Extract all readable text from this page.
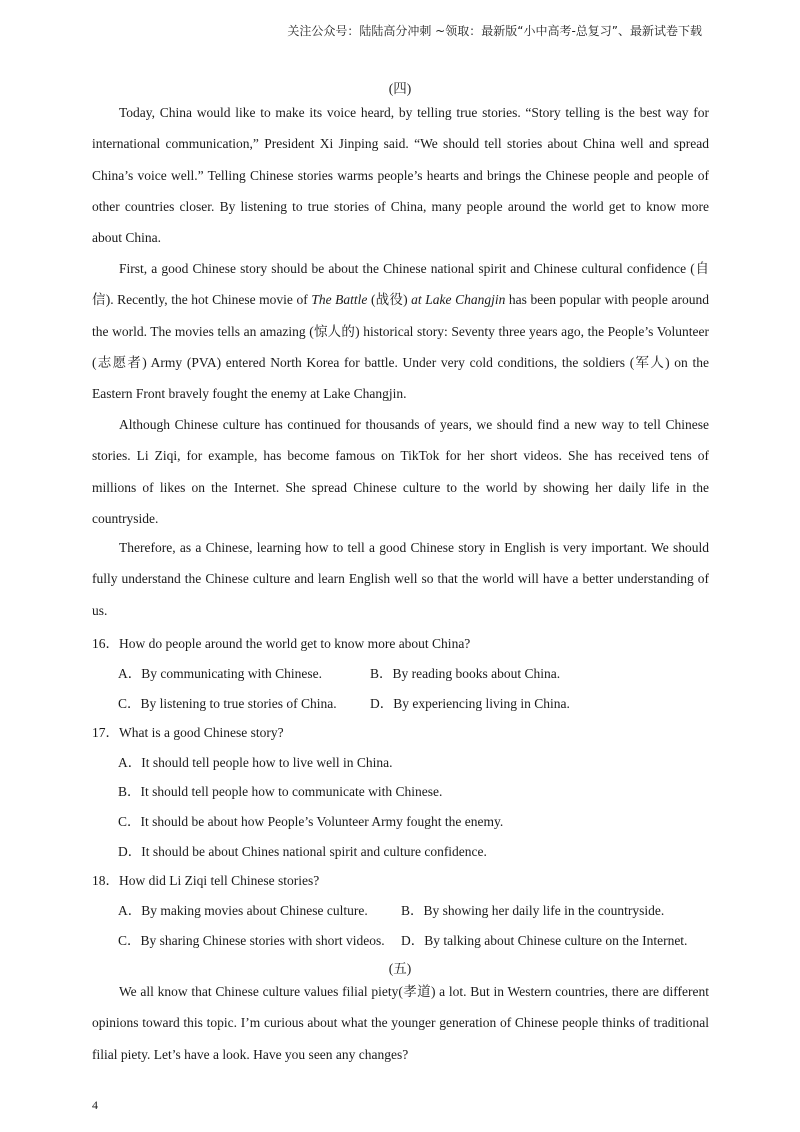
关注公众号：陆陆高分冲刺 ~领取：最新版“小中高考-总复习”、最新试卷下载
(四)

Today, China would like to make its voice heard, by telling true stories. “Story telling is the best way for international communication,” President Xi Jinping said. “We should tell stories about China well and spread China’s voice well.” Telling Chinese stories warms people’s hearts and brings the Chinese people and people of other countries closer. By listening to true stories of China, many people around the world get to know more about China.

First, a good Chinese story should be about the Chinese national spirit and Chinese cultural confidence (自信). Recently, the hot Chinese movie of The Battle (战役) at Lake Changjin has been popular with people around the world. The movies tells an amazing (惊人的) historical story: Seventy three years ago, the People’s Volunteer (志愿者) Army (PVA) entered North Korea for battle. Under very cold conditions, the soldiers (军人) on the Eastern Front bravely fought the enemy at Lake Changjin.

Although Chinese culture has continued for thousands of years, we should find a new way to tell Chinese stories. Li Ziqi, for example, has become famous on TikTok for her short videos. She has received tens of millions of likes on the Internet. She spread Chinese culture to the world by showing her daily life in the countryside.

Therefore, as a Chinese, learning how to tell a good Chinese story in English is very important. We should fully understand the Chinese culture and learn English well so that the world will have a better understanding of us.

16．How do people around the world get to know more about China?
A．By communicating with Chinese.	B．By reading books about China.
C．By listening to true stories of China. D．By experiencing living in China.
17．What is a good Chinese story?
A．It should tell people how to live well in China.
B．It should tell people how to communicate with Chinese.
C．It should be about how People’s Volunteer Army fought the enemy.
D．It should be about Chines national spirit and culture confidence.
18．How did Li Ziqi tell Chinese stories?
A．By making movies about Chinese culture. B．By showing her daily life in the countryside.
C．By sharing Chinese stories with short videos. D．By talking about Chinese culture on the Internet.
(五)

We all know that Chinese culture values filial piety(孝道) a lot. But in Western countries, there are different opinions toward this topic. I’m curious about what the younger generation of Chinese people thinks of traditional filial piety. Let’s have a look. Have you seen any changes?

4
